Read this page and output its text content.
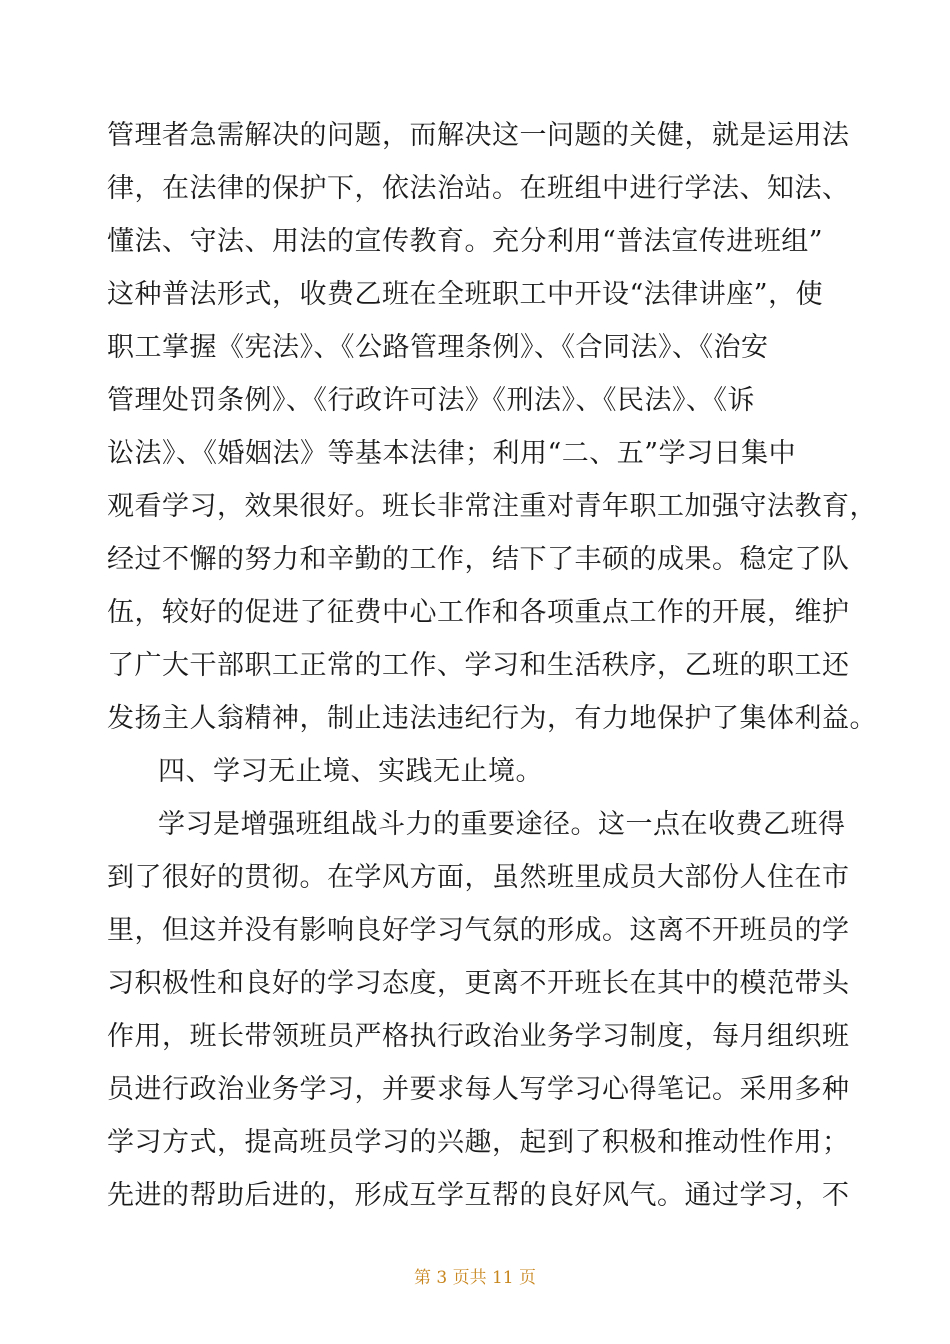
管理者急需解决的问题，而解决这一问题的关健，就是运用法
律，在法律的保护下，依法治站。在班组中进行学法、知法、
懂法、守法、用法的宣传教育。充分利用“普法宣传进班组”
这种普法形式，收费乙班在全班职工中开设“法律讲座”，使
职工掌握《宪法》、《公路管理条例》、《合同法》、《治安
管理处罚条例》、《行政许可法》《刑法》、《民法》、《诉
讼法》、《婚姻法》等基本法律；利用“二、五”学习日集中
观看学习，效果很好。班长非常注重对青年职工加强守法教育，
经过不懈的努力和辛勤的工作，结下了丰硕的成果。稳定了队
伍，较好的促进了征费中心工作和各项重点工作的开展，维护
了广大干部职工正常的工作、学习和生活秩序，乙班的职工还
发扬主人翁精神，制止违法违纪行为，有力地保护了集体利益。
四、学习无止境、实践无止境。
学习是增强班组战斗力的重要途径。这一点在收费乙班得
到了很好的贯彻。在学风方面，虽然班里成员大部份人住在市
里，但这并没有影响良好学习气氛的形成。这离不开班员的学
习积极性和良好的学习态度，更离不开班长在其中的模范带头
作用，班长带领班员严格执行政治业务学习制度，每月组织班
员进行政治业务学习，并要求每人写学习心得笔记。采用多种
学习方式，提高班员学习的兴趣，起到了积极和推动性作用；
先进的帮助后进的，形成互学互帮的良好风气。通过学习，不
第 3 页共 11 页
